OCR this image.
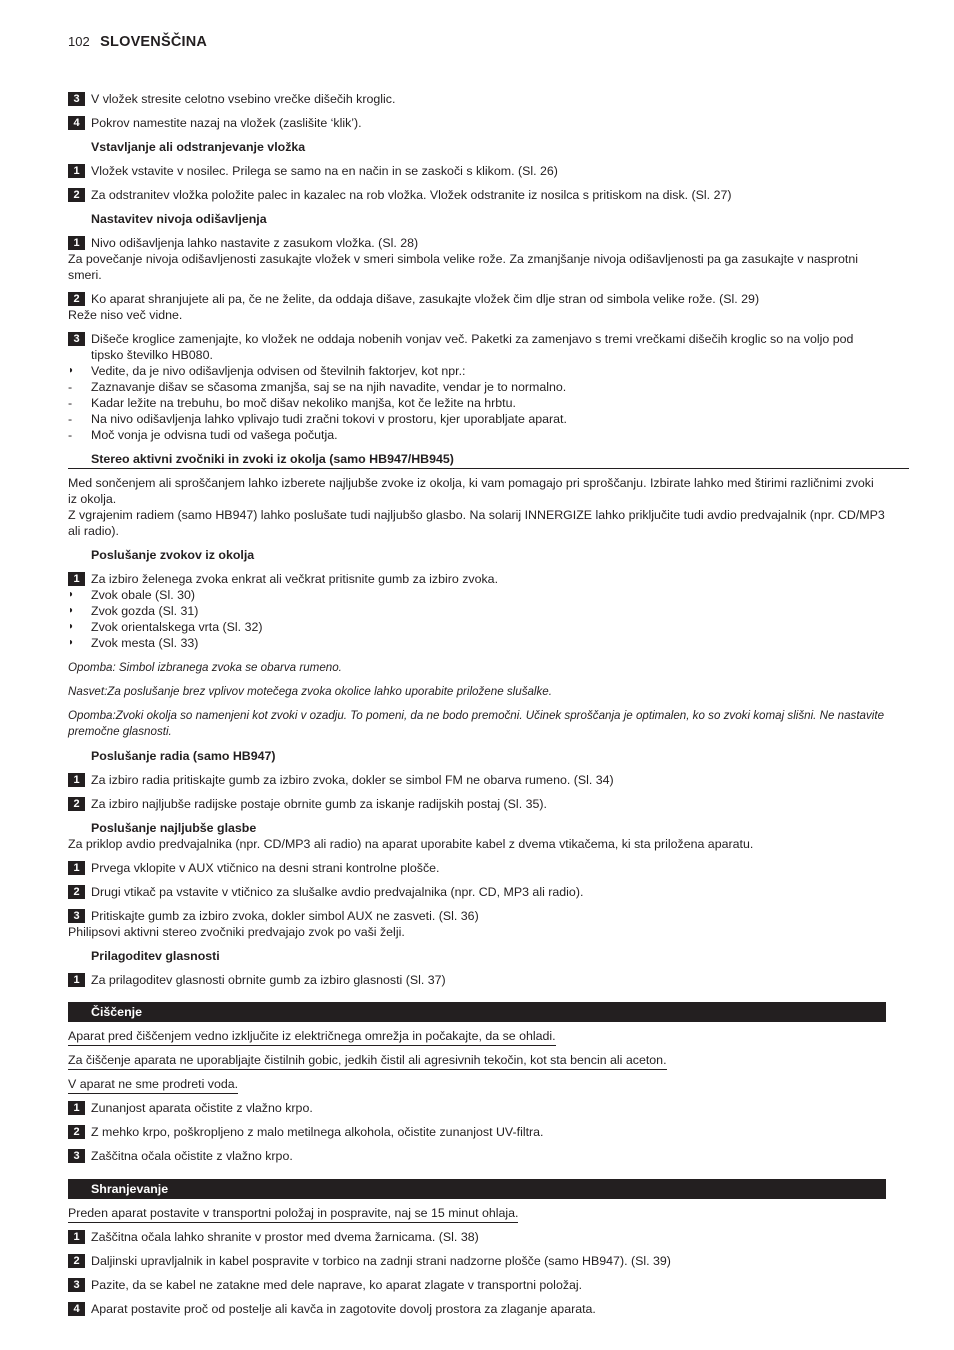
102 SLOVENŠČINA
3 V vložek stresite celotno vsebino vrečke dišečih kroglic.
4 Pokrov namestite nazaj na vložek (zaslišite ‘klik’).
Vstavljanje ali odstranjevanje vložka
1 Vložek vstavite v nosilec. Prilega se samo na en način in se zaskoči s klikom. (Sl. 26)
2 Za odstranitev vložka položite palec in kazalec na rob vložka. Vložek odstranite iz nosilca s pritiskom na disk. (Sl. 27)
Nastavitev nivoja odišavljenja
1 Nivo odišavljenja lahko nastavite z zasukom vložka. (Sl. 28)
Za povečanje nivoja odišavljenosti zasukajte vložek v smeri simbola velike rože. Za zmanjšanje nivoja odišavljenosti pa ga zasukajte v nasprotni smeri.
2 Ko aparat shranjujete ali pa, če ne želite, da oddaja dišave, zasukajte vložek čim dlje stran od simbola velike rože. (Sl. 29)
Reže niso več vidne.
3 Dišeče kroglice zamenjajte, ko vložek ne oddaja nobenih vonjav več. Paketki za zamenjavo s tremi vrečkami dišečih kroglic so na voljo pod tipsko številko HB080.
◗	Vedite, da je nivo odišavljenja odvisen od številnih faktorjev, kot npr.:
-	Zaznavanje dišav se sčasoma zmanjša, saj se na njih navadite, vendar je to normalno.
-	Kadar ležite na trebuhu, bo moč dišav nekoliko manjša, kot če ležite na hrbtu.
-	Na nivo odišavljenja lahko vplivajo tudi zračni tokovi v prostoru, kjer uporabljate aparat.
-	Moč vonja je odvisna tudi od vašega počutja.
Stereo aktivni zvočniki in zvoki iz okolja (samo HB947/HB945)
Med sončenjem ali sproščanjem lahko izberete najljubše zvoke iz okolja, ki vam pomagajo pri sproščanju. Izbirate lahko med štirimi različnimi zvoki iz okolja.
Z vgrajenim radiem (samo HB947) lahko poslušate tudi najljubšo glasbo. Na solarij INNERGIZE lahko priključite tudi avdio predvajalnik (npr. CD/MP3 ali radio).
Poslušanje zvokov iz okolja
1 Za izbiro želenega zvoka enkrat ali večkrat pritisnite gumb za izbiro zvoka.
◗	Zvok obale (Sl. 30)
◗	Zvok gozda (Sl. 31)
◗	Zvok orientalskega vrta (Sl. 32)
◗	Zvok mesta (Sl. 33)
Opomba: Simbol izbranega zvoka se obarva rumeno.
Nasvet:Za poslušanje brez vplivov motečega zvoka okolice lahko uporabite priložene slušalke.
Opomba:Zvoki okolja so namenjeni kot zvoki v ozadju. To pomeni, da ne bodo premočni. Učinek sproščanja je optimalen, ko so zvoki komaj slišni. Ne nastavite premočne glasnosti.
Poslušanje radia (samo HB947)
1 Za izbiro radia pritiskajte gumb za izbiro zvoka, dokler se simbol FM ne obarva rumeno. (Sl. 34)
2 Za izbiro najljubše radijske postaje obrnite gumb za iskanje radijskih postaj (Sl. 35).
Poslušanje najljubše glasbe
Za priklop avdio predvajalnika (npr. CD/MP3 ali radio) na aparat uporabite kabel z dvema vtikačema, ki sta priložena aparatu.
1 Prvega vklopite v AUX vtičnico na desni strani kontrolne plošče.
2 Drugi vtikač pa vstavite v vtičnico za slušalke avdio predvajalnika (npr. CD, MP3 ali radio).
3 Pritiskajte gumb za izbiro zvoka, dokler simbol AUX ne zasveti. (Sl. 36)
Philipsovi aktivni stereo zvočniki predvajajo zvok po vaši želji.
Prilagoditev glasnosti
1 Za prilagoditev glasnosti obrnite gumb za izbiro glasnosti (Sl. 37)
Čiščenje
Aparat pred čiščenjem vedno izključite iz električnega omrežja in počakajte, da se ohladi.
Za čiščenje aparata ne uporabljajte čistilnih gobic, jedkih čistil ali agresivnih tekočin, kot sta bencin ali aceton.
V aparat ne sme prodreti voda.
1 Zunanjost aparata očistite z vlažno krpo.
2 Z mehko krpo, poškropljeno z malo metilnega alkohola, očistite zunanjost UV-filtra.
3 Zaščitna očala očistite z vlažno krpo.
Shranjevanje
Preden aparat postavite v transportni položaj in pospravite, naj se 15 minut ohlaja.
1 Zaščitna očala lahko shranite v prostor med dvema žarnicama. (Sl. 38)
2 Daljinski upravljalnik in kabel pospravite v torbico na zadnji strani nadzorne plošče (samo HB947). (Sl. 39)
3 Pazite, da se kabel ne zatakne med dele naprave, ko aparat zlagate v transportni položaj.
4 Aparat postavite proč od postelje ali kavča in zagotovite dovolj prostora za zlaganje aparata.
